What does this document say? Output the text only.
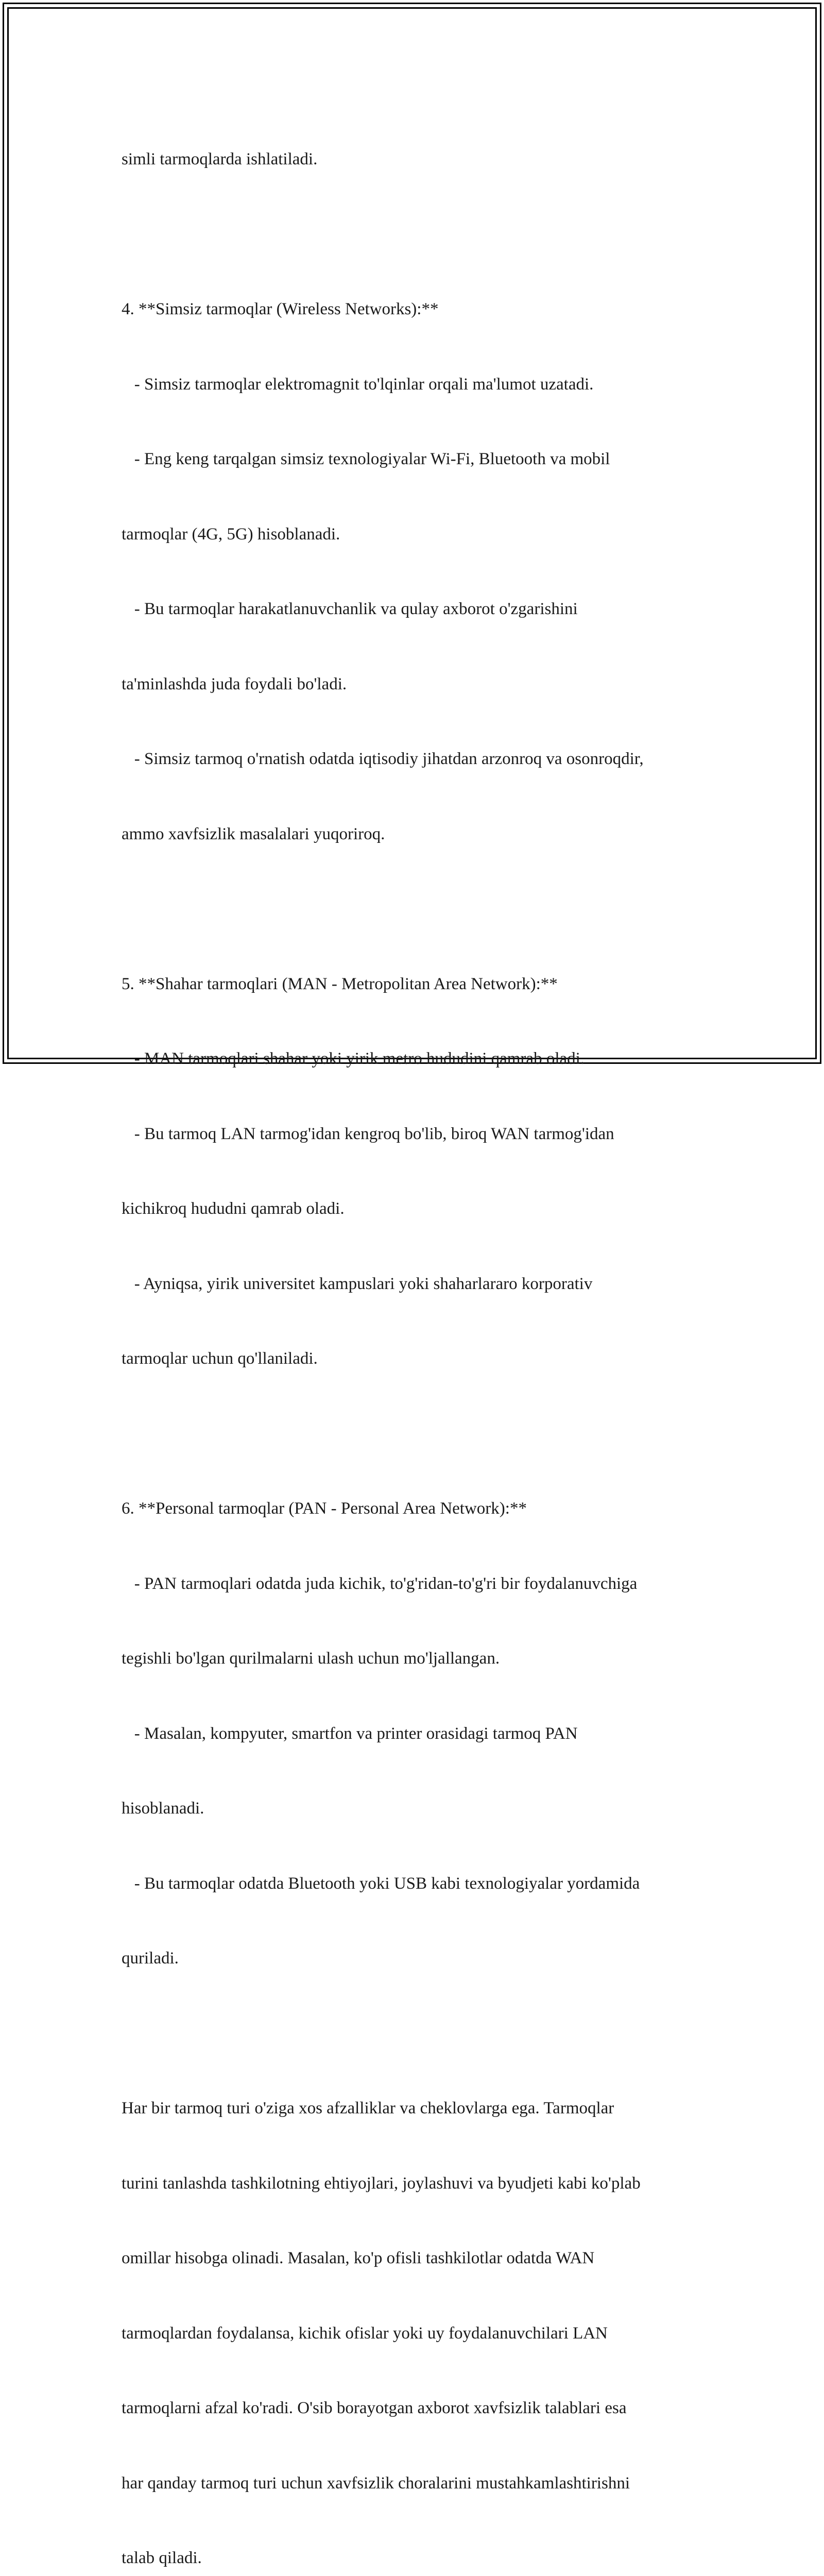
simli tarmoqlarda ishlatiladi.

4. **Simsiz tarmoqlar (Wireless Networks):**

- Simsiz tarmoqlar elektromagnit to'lqinlar orqali ma'lumot uzatadi.

- Eng keng tarqalgan simsiz texnologiyalar Wi-Fi, Bluetooth va mobil

tarmoqlar (4G, 5G) hisoblanadi.

- Bu tarmoqlar harakatlanuvchanlik va qulay axborot o'zgarishini

ta'minlashda juda foydali bo'ladi.

- Simsiz tarmoq o'rnatish odatda iqtisodiy jihatdan arzonroq va osonroqdir,

ammo xavfsizlik masalalari yuqoriroq.

5. **Shahar tarmoqlari (MAN - Metropolitan Area Network):**

- MAN tarmoqlari shahar yoki yirik metro hududini qamrab oladi.

- Bu tarmoq LAN tarmog'idan kengroq bo'lib, biroq WAN tarmog'idan

kichikroq hududni qamrab oladi.

- Ayniqsa, yirik universitet kampuslari yoki shaharlararo korporativ

tarmoqlar uchun qo'llaniladi.

6. **Personal tarmoqlar (PAN - Personal Area Network):**

- PAN tarmoqlari odatda juda kichik, to'g'ridan-to'g'ri bir foydalanuvchiga

tegishli bo'lgan qurilmalarni ulash uchun mo'ljallangan.

- Masalan, kompyuter, smartfon va printer orasidagi tarmoq PAN

hisoblanadi.

- Bu tarmoqlar odatda Bluetooth yoki USB kabi texnologiyalar yordamida

quriladi.

Har bir tarmoq turi o'ziga xos afzalliklar va cheklovlarga ega. Tarmoqlar

turini tanlashda tashkilotning ehtiyojlari, joylashuvi va byudjeti kabi ko'plab

omillar hisobga olinadi. Masalan, ko'p ofisli tashkilotlar odatda WAN

tarmoqlardan foydalansa, kichik ofislar yoki uy foydalanuvchilari LAN

tarmoqlarni afzal ko'radi. O'sib borayotgan axborot xavfsizlik talablari esa

har qanday tarmoq turi uchun xavfsizlik choralarini mustahkamlashtirishni

talab qiladi.
